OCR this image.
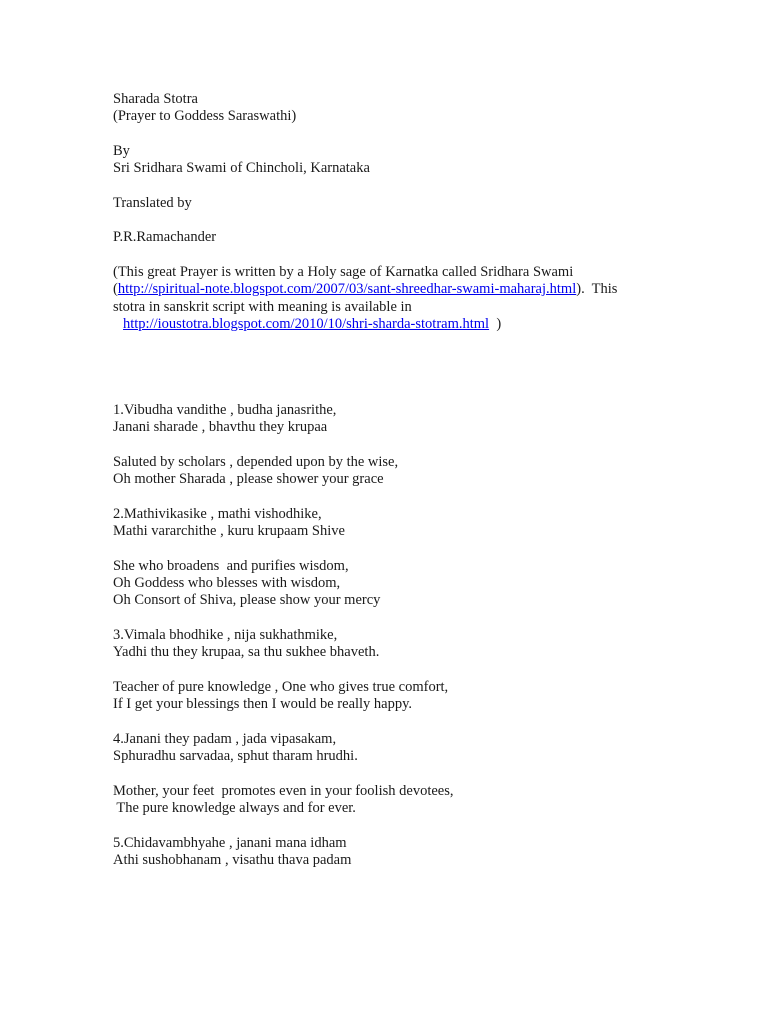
Sharada Stotra
(Prayer to Goddess Saraswathi)
By
Sri Sridhara Swami of Chincholi, Karnataka
Translated by
P.R.Ramachander
(This great Prayer is written by a Holy sage of Karnatka called Sridhara Swami
(http://spiritual-note.blogspot.com/2007/03/sant-shreedhar-swami-maharaj.html).  This
stotra in sanskrit script with meaning is available in
http://ioustotra.blogspot.com/2010/10/shri-sharda-stotram.html  )
1.Vibudha vandithe , budha janasrithe,
Janani sharade , bhavthu they krupaa
Saluted by scholars , depended upon by the wise,
Oh mother Sharada , please shower your grace
2.Mathivikasike , mathi vishodhike,
Mathi vararchithe , kuru krupaam Shive
She who broadens  and purifies wisdom,
Oh Goddess who blesses with wisdom,
Oh Consort of Shiva, please show your mercy
3.Vimala bhodhike , nija sukhathmike,
Yadhi thu they krupaa, sa thu sukhee bhaveth.
Teacher of pure knowledge , One who gives true comfort,
If I get your blessings then I would be really happy.
4.Janani they padam , jada vipasakam,
Sphuradhu sarvadaa, sphut tharam hrudhi.
Mother, your feet  promotes even in your foolish devotees,
The pure knowledge always and for ever.
5.Chidavambhyahe , janani mana idham
Athi sushobhanam , visathu thava padam
